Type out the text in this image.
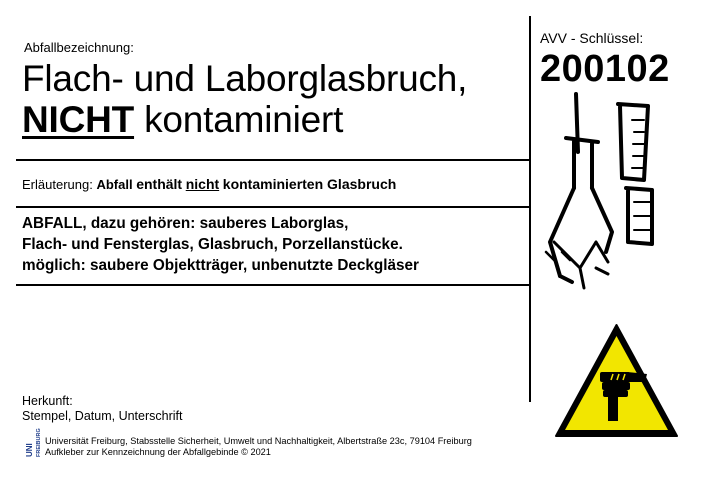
Abfallbezeichnung:
Flach- und Laborglasbruch,
NICHT kontaminiert
Erläuterung: Abfall enthält nicht kontaminierten Glasbruch
ABFALL, dazu gehören: sauberes Laborglas,
Flach- und Fensterglas, Glasbruch, Porzellanstücke.
möglich: saubere Objektträger, unbenutzte Deckgläser
Herkunft:
Stempel, Datum, Unterschrift
UNI FREIBURG Universität Freiburg, Stabsstelle Sicherheit, Umwelt und Nachhaltigkeit, Albertstraße 23c, 79104 Freiburg
Aufkleber zur Kennzeichnung der Abfallgebinde © 2021
AVV - Schlüssel:
200102
